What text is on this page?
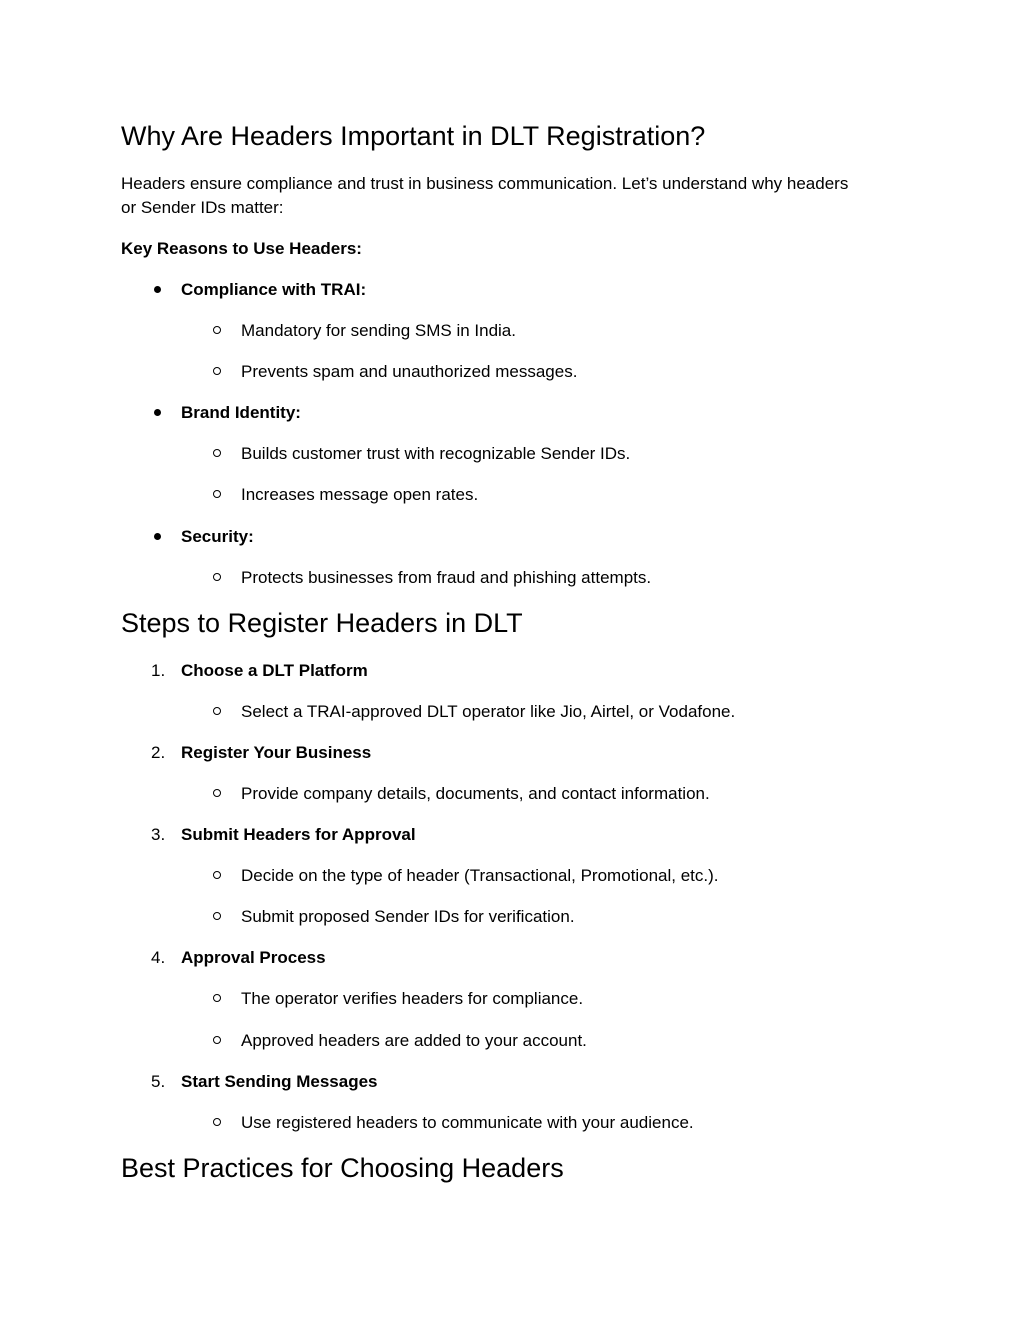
Why Are Headers Important in DLT Registration?
Headers ensure compliance and trust in business communication. Let’s understand why headers
or Sender IDs matter:
Key Reasons to Use Headers:
Compliance with TRAI:
Mandatory for sending SMS in India.
Prevents spam and unauthorized messages.
Brand Identity:
Builds customer trust with recognizable Sender IDs.
Increases message open rates.
Security:
Protects businesses from fraud and phishing attempts.
Steps to Register Headers in DLT
1. Choose a DLT Platform
Select a TRAI-approved DLT operator like Jio, Airtel, or Vodafone.
2. Register Your Business
Provide company details, documents, and contact information.
3. Submit Headers for Approval
Decide on the type of header (Transactional, Promotional, etc.).
Submit proposed Sender IDs for verification.
4. Approval Process
The operator verifies headers for compliance.
Approved headers are added to your account.
5. Start Sending Messages
Use registered headers to communicate with your audience.
Best Practices for Choosing Headers
